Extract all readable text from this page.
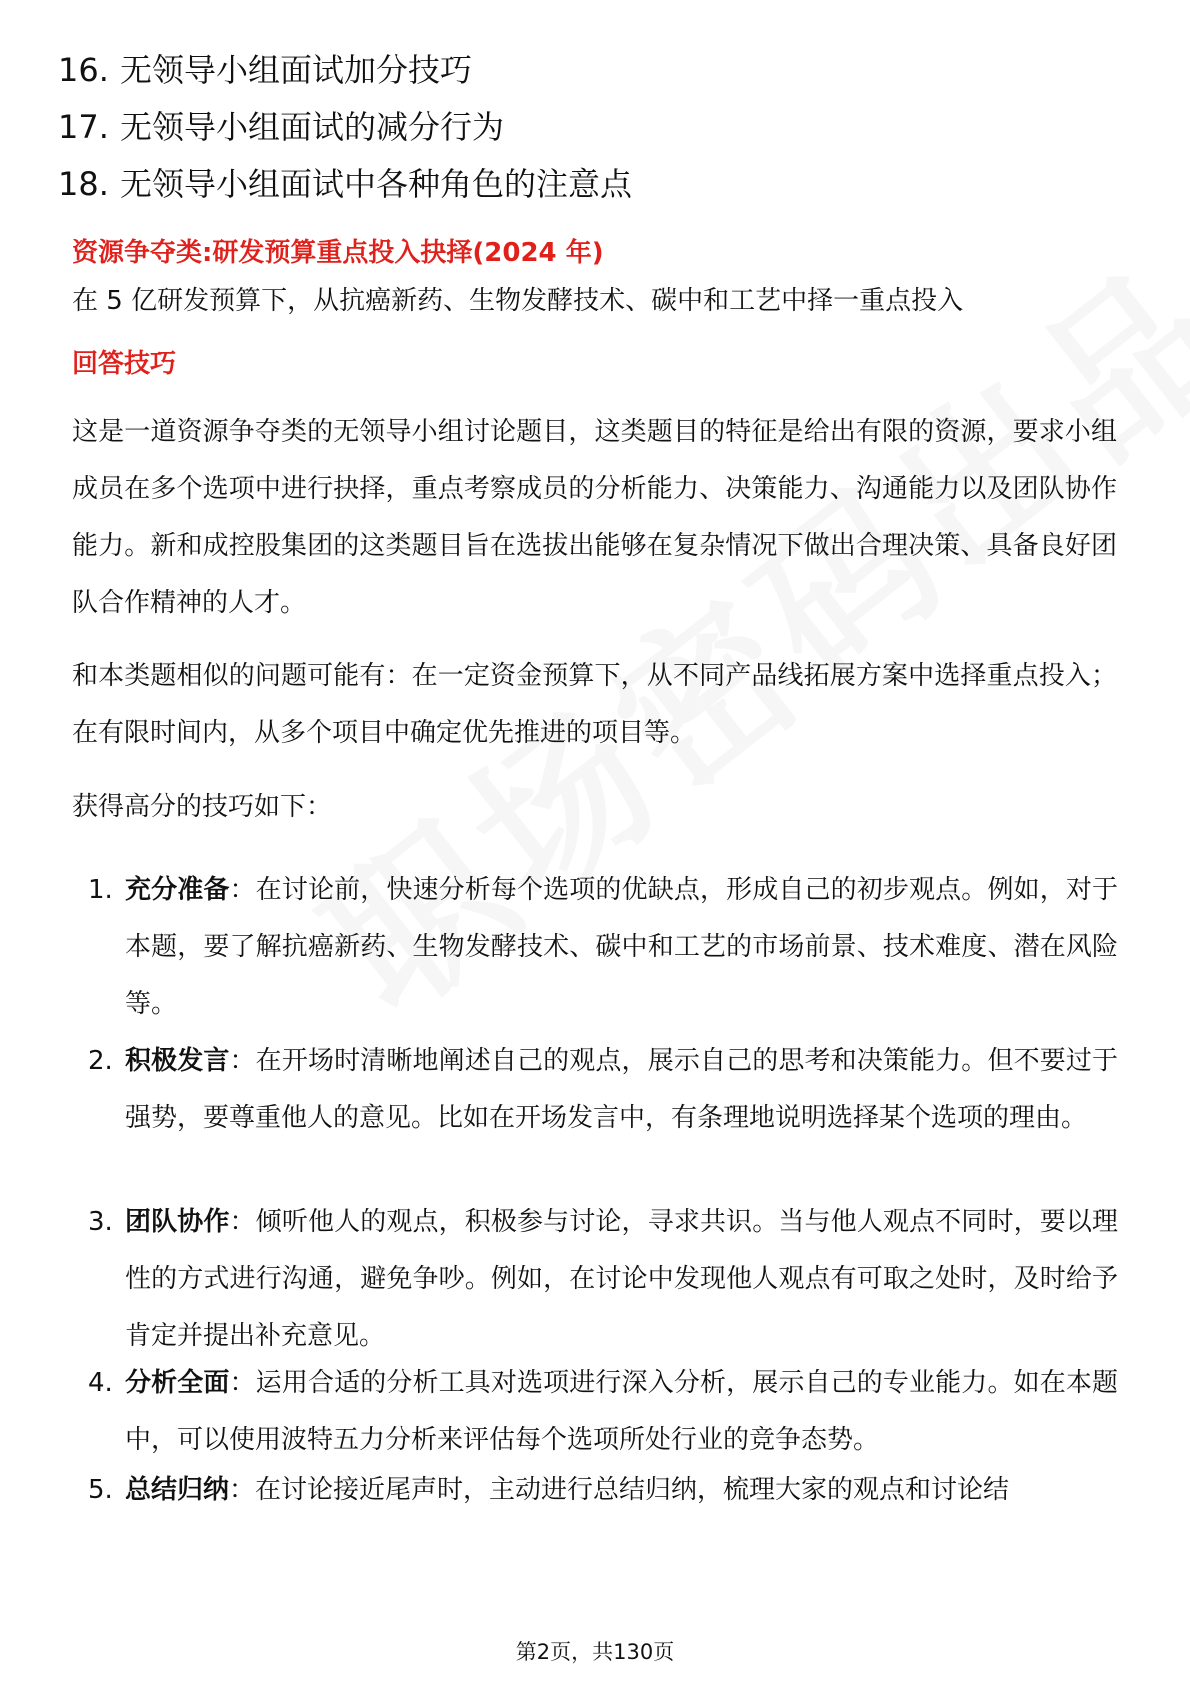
16. 无领导小组面试加分技巧
17. 无领导小组面试的减分行为
18. 无领导小组面试中各种角色的注意点
资源争夺类:研发预算重点投入抉择(2024 年)
在 5 亿研发预算下，从抗癌新药、生物发酵技术、碳中和工艺中择一重点投入
回答技巧
这是一道资源争夺类的无领导小组讨论题目，这类题目的特征是给出有限的资源，要求小组成员在多个选项中进行抉择，重点考察成员的分析能力、决策能力、沟通能力以及团队协作能力。新和成控股集团的这类题目旨在选拔出能够在复杂情况下做出合理决策、具备良好团队合作精神的人才。
和本类题相似的问题可能有：在一定资金预算下，从不同产品线拓展方案中选择重点投入；在有限时间内，从多个项目中确定优先推进的项目等。
获得高分的技巧如下：
1. 充分准备：在讨论前，快速分析每个选项的优缺点，形成自己的初步观点。例如，对于本题，要了解抗癌新药、生物发酵技术、碳中和工艺的市场前景、技术难度、潜在风险等。
2. 积极发言：在开场时清晰地阐述自己的观点，展示自己的思考和决策能力。但不要过于强势，要尊重他人的意见。比如在开场发言中，有条理地说明选择某个选项的理由。
3. 团队协作：倾听他人的观点，积极参与讨论，寻求共识。当与他人观点不同时，要以理性的方式进行沟通，避免争吵。例如，在讨论中发现他人观点有可取之处时，及时给予肯定并提出补充意见。
4. 分析全面：运用合适的分析工具对选项进行深入分析，展示自己的专业能力。如在本题中，可以使用波特五力分析来评估每个选项所处行业的竞争态势。
5. 总结归纳：在讨论接近尾声时，主动进行总结归纳，梳理大家的观点和讨论结
第2页，共130页
